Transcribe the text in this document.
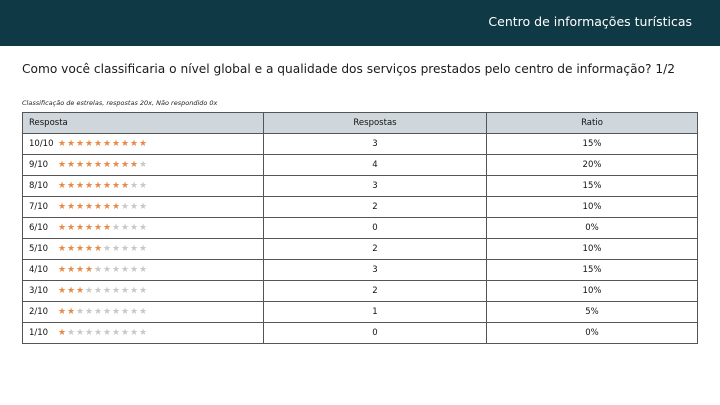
Centro de informações turísticas
Como você classificaria o nível global e a qualidade dos serviços prestados pelo centro de informação? 1/2
Classificação de estrelas, respostas 20x, Não respondido 0x
Resposta	Respostas	Ratio
10/10 ★★★★★★★★★★	3	15%
9/10 ★★★★★★★★★★	4	20%
8/10 ★★★★★★★★★★	3	15%
7/10 ★★★★★★★★★★	2	10%
6/10 ★★★★★★★★★★	0	0%
5/10 ★★★★★★★★★★	2	10%
4/10 ★★★★★★★★★★	3	15%
3/10 ★★★★★★★★★★	2	10%
2/10 ★★★★★★★★★★	1	5%
1/10 ★★★★★★★★★★	0	0%
